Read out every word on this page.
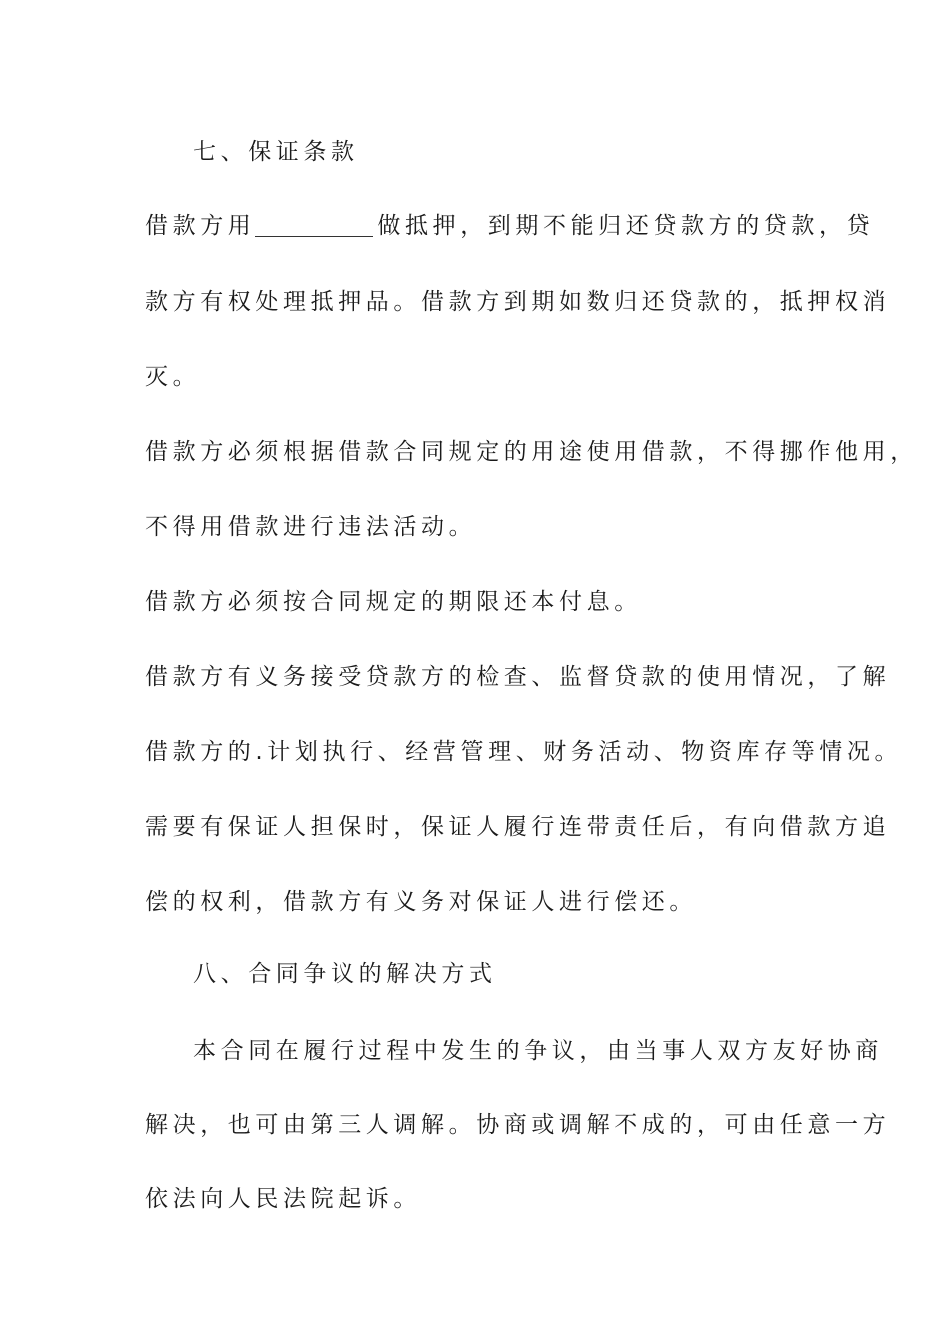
七、保证条款
借款方用	做抵押，到期不能归还贷款方的贷款，贷
款方有权处理抵押品。借款方到期如数归还贷款的，抵押权消
灭。
借款方必须根据借款合同规定的用途使用借款，不得挪作他用，
不得用借款进行违法活动。
借款方必须按合同规定的期限还本付息。
借款方有义务接受贷款方的检查、监督贷款的使用情况，了解
借款方的.计划执行、经营管理、财务活动、物资库存等情况。
需要有保证人担保时，保证人履行连带责任后，有向借款方追
偿的权利，借款方有义务对保证人进行偿还。
八、合同争议的解决方式
本合同在履行过程中发生的争议，由当事人双方友好协商
解决，也可由第三人调解。协商或调解不成的，可由任意一方
依法向人民法院起诉。
